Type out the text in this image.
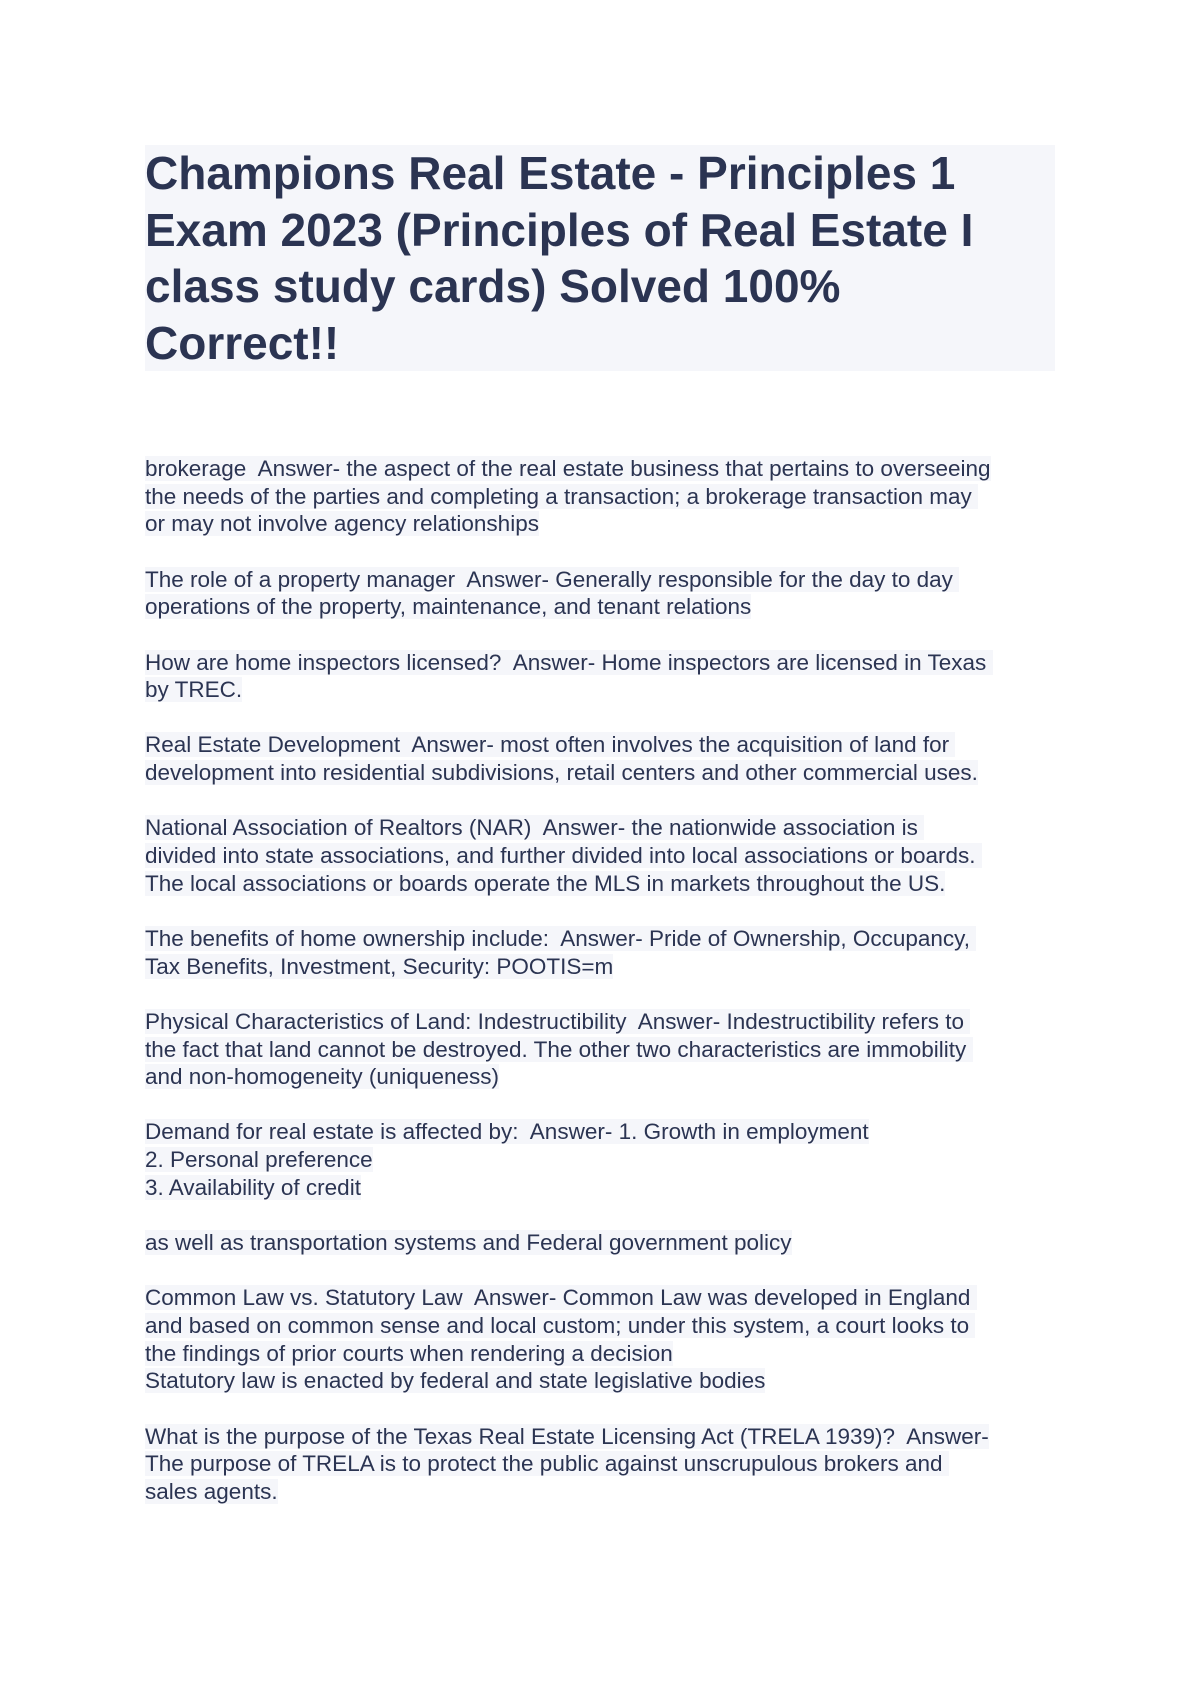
Champions Real Estate - Principles 1
Exam 2023 (Principles of Real Estate I
class study cards) Solved 100%
Correct!!

brokerage  Answer- the aspect of the real estate business that pertains to overseeing
the needs of the parties and completing a transaction; a brokerage transaction may
or may not involve agency relationships

The role of a property manager  Answer- Generally responsible for the day to day
operations of the property, maintenance, and tenant relations

How are home inspectors licensed?  Answer- Home inspectors are licensed in Texas
by TREC.

Real Estate Development  Answer- most often involves the acquisition of land for
development into residential subdivisions, retail centers and other commercial uses.

National Association of Realtors (NAR)  Answer- the nationwide association is
divided into state associations, and further divided into local associations or boards.
The local associations or boards operate the MLS in markets throughout the US.

The benefits of home ownership include:  Answer- Pride of Ownership, Occupancy,
Tax Benefits, Investment, Security: POOTIS=m

Physical Characteristics of Land: Indestructibility  Answer- Indestructibility refers to
the fact that land cannot be destroyed. The other two characteristics are immobility
and non-homogeneity (uniqueness)

Demand for real estate is affected by:  Answer- 1. Growth in employment
2. Personal preference
3. Availability of credit

as well as transportation systems and Federal government policy

Common Law vs. Statutory Law  Answer- Common Law was developed in England
and based on common sense and local custom; under this system, a court looks to
the findings of prior courts when rendering a decision
Statutory law is enacted by federal and state legislative bodies

What is the purpose of the Texas Real Estate Licensing Act (TRELA 1939)?  Answer-
The purpose of TRELA is to protect the public against unscrupulous brokers and
sales agents.
